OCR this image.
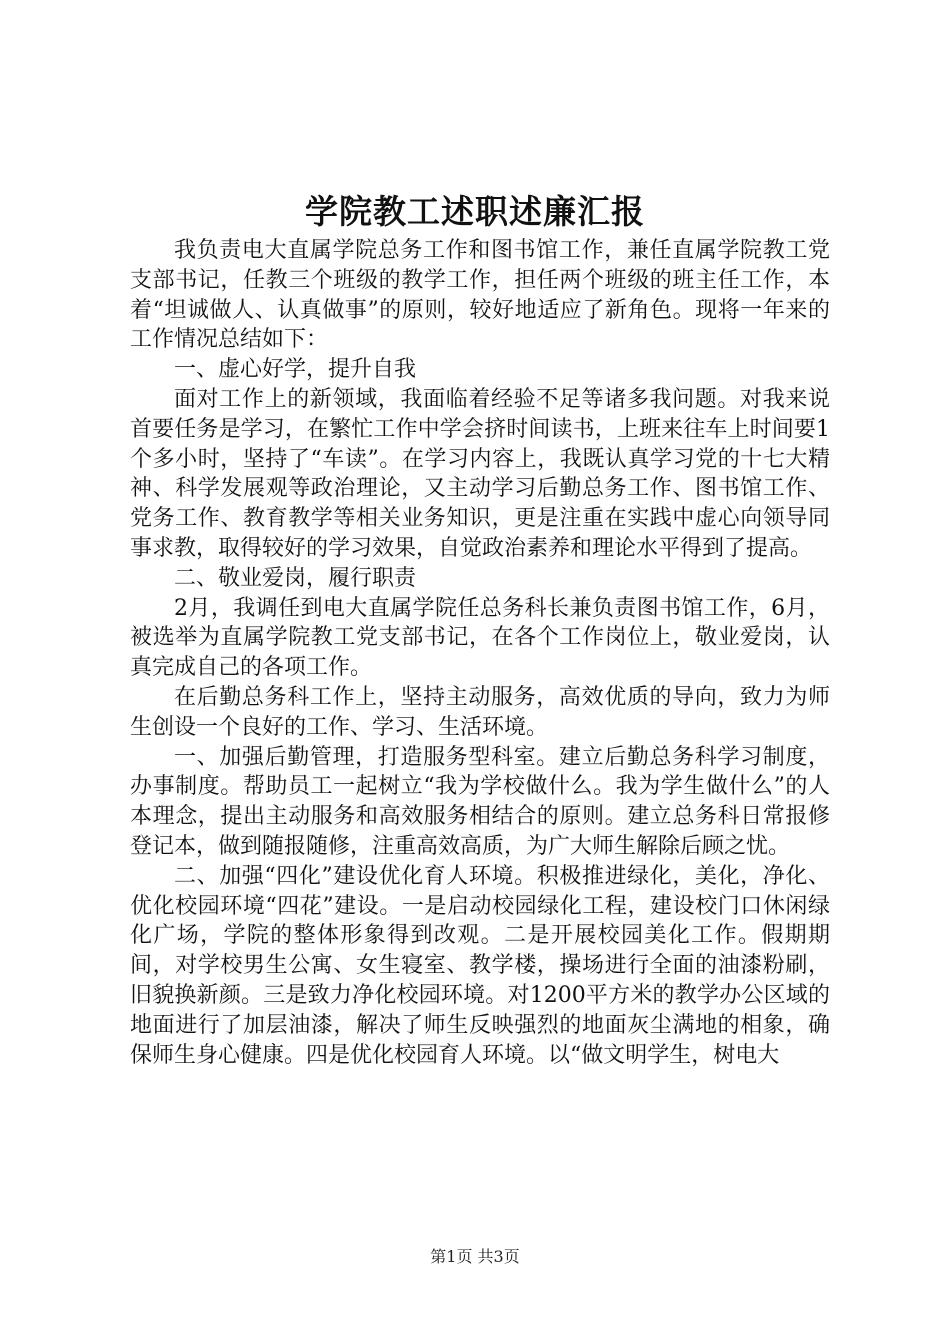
学院教工述职述廉汇报

我负责电大直属学院总务工作和图书馆工作，兼任直属学院教工党支部书记，任教三个班级的教学工作，担任两个班级的班主任工作，本着“坦诚做人、认真做事”的原则，较好地适应了新角色。现将一年来的工作情况总结如下：

一、虚心好学，提升自我

面对工作上的新领域，我面临着经验不足等诸多我问题。对我来说首要任务是学习，在繁忙工作中学会挤时间读书，上班来往车上时间要1个多小时，坚持了“车读”。在学习内容上，我既认真学习党的十七大精神、科学发展观等政治理论，又主动学习后勤总务工作、图书馆工作、党务工作、教育教学等相关业务知识，更是注重在实践中虚心向领导同事求教，取得较好的学习效果，自觉政治素养和理论水平得到了提高。

二、敬业爱岗，履行职责

2月，我调任到电大直属学院任总务科长兼负责图书馆工作，6月，被选举为直属学院教工党支部书记，在各个工作岗位上，敬业爱岗，认真完成自己的各项工作。

在后勤总务科工作上，坚持主动服务，高效优质的导向，致力为师生创设一个良好的工作、学习、生活环境。

一、加强后勤管理，打造服务型科室。建立后勤总务科学习制度，办事制度。帮助员工一起树立“我为学校做什么。我为学生做什么”的人本理念，提出主动服务和高效服务相结合的原则。建立总务科日常报修登记本，做到随报随修，注重高效高质，为广大师生解除后顾之忧。

二、加强“四化”建设优化育人环境。积极推进绿化，美化，净化、优化校园环境“四花”建设。一是启动校园绿化工程，建设校门口休闲绿化广场，学院的整体形象得到改观。二是开展校园美化工作。假期期间，对学校男生公寓、女生寝室、教学楼，操场进行全面的油漆粉刷，旧貌换新颜。三是致力净化校园环境。对1200平方米的教学办公区域的地面进行了加层油漆，解决了师生反映强烈的地面灰尘满地的相象，确保师生身心健康。四是优化校园育人环境。以“做文明学生，树电大

第1页 共3页
